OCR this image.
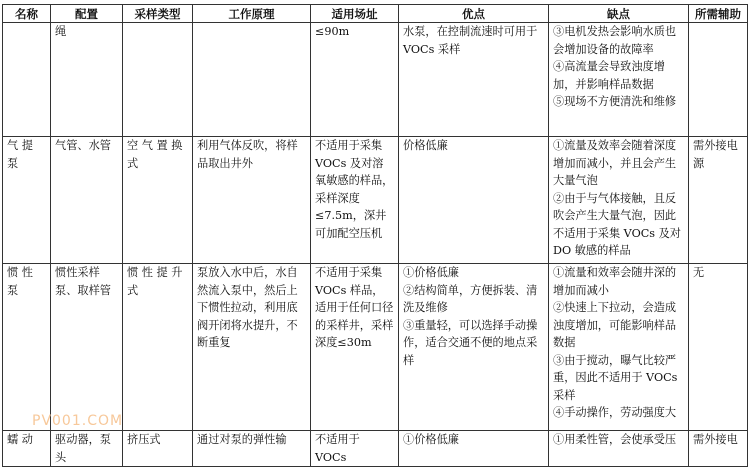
名称	配置	采样类型	工作原理	适用场址	优点	缺点	所需辅助
	绳			≤90m	水泵，在控制流速时可用于VOCs 采样	③电机发热会影响水质也会增加设备的故障率
④高流量会导致浊度增加，并影响样品数据
⑤现场不方便清洗和维修	

气 提 泵	气管、水管	空 气 置 换式	利用气体反吹，将样品取出井外	不适用于采集VOCs 及对溶氧敏感的样品，采样深度≤7.5m，深井可加配空压机	价格低廉	①流量及效率会随着深度增加而减小，并且会产生大量气泡
②由于与气体接触，且反吹会产生大量气泡，因此不适用于采集 VOCs 及对DO 敏感的样品	需外接电源
惯 性 泵	惯性采样泵、取样管	惯 性 提 升式	泵放入水中后，水自然流入泵中，然后上下惯性拉动，利用底阀开闭将水提升，不断重复	不适用于采集VOCs 样品，适用于任何口径的采样井，采样深度≤30m	①价格低廉
②结构简单，方便拆装、清洗及维修
③重量轻，可以选择手动操作，适合交通不便的地点采样	①流量和效率会随井深的增加而减小
②快速上下拉动，会造成浊度增加，可能影响样品数据
③由于搅动，曝气比较严重，因此不适用于 VOCs采样
④手动操作，劳动强度大	无
蠕 动	驱动器，泵头	挤压式	通过对泵的弹性输	不适用于 VOCs	①价格低廉	①用柔性管，会使承受压	需外接电
PV001.COM
